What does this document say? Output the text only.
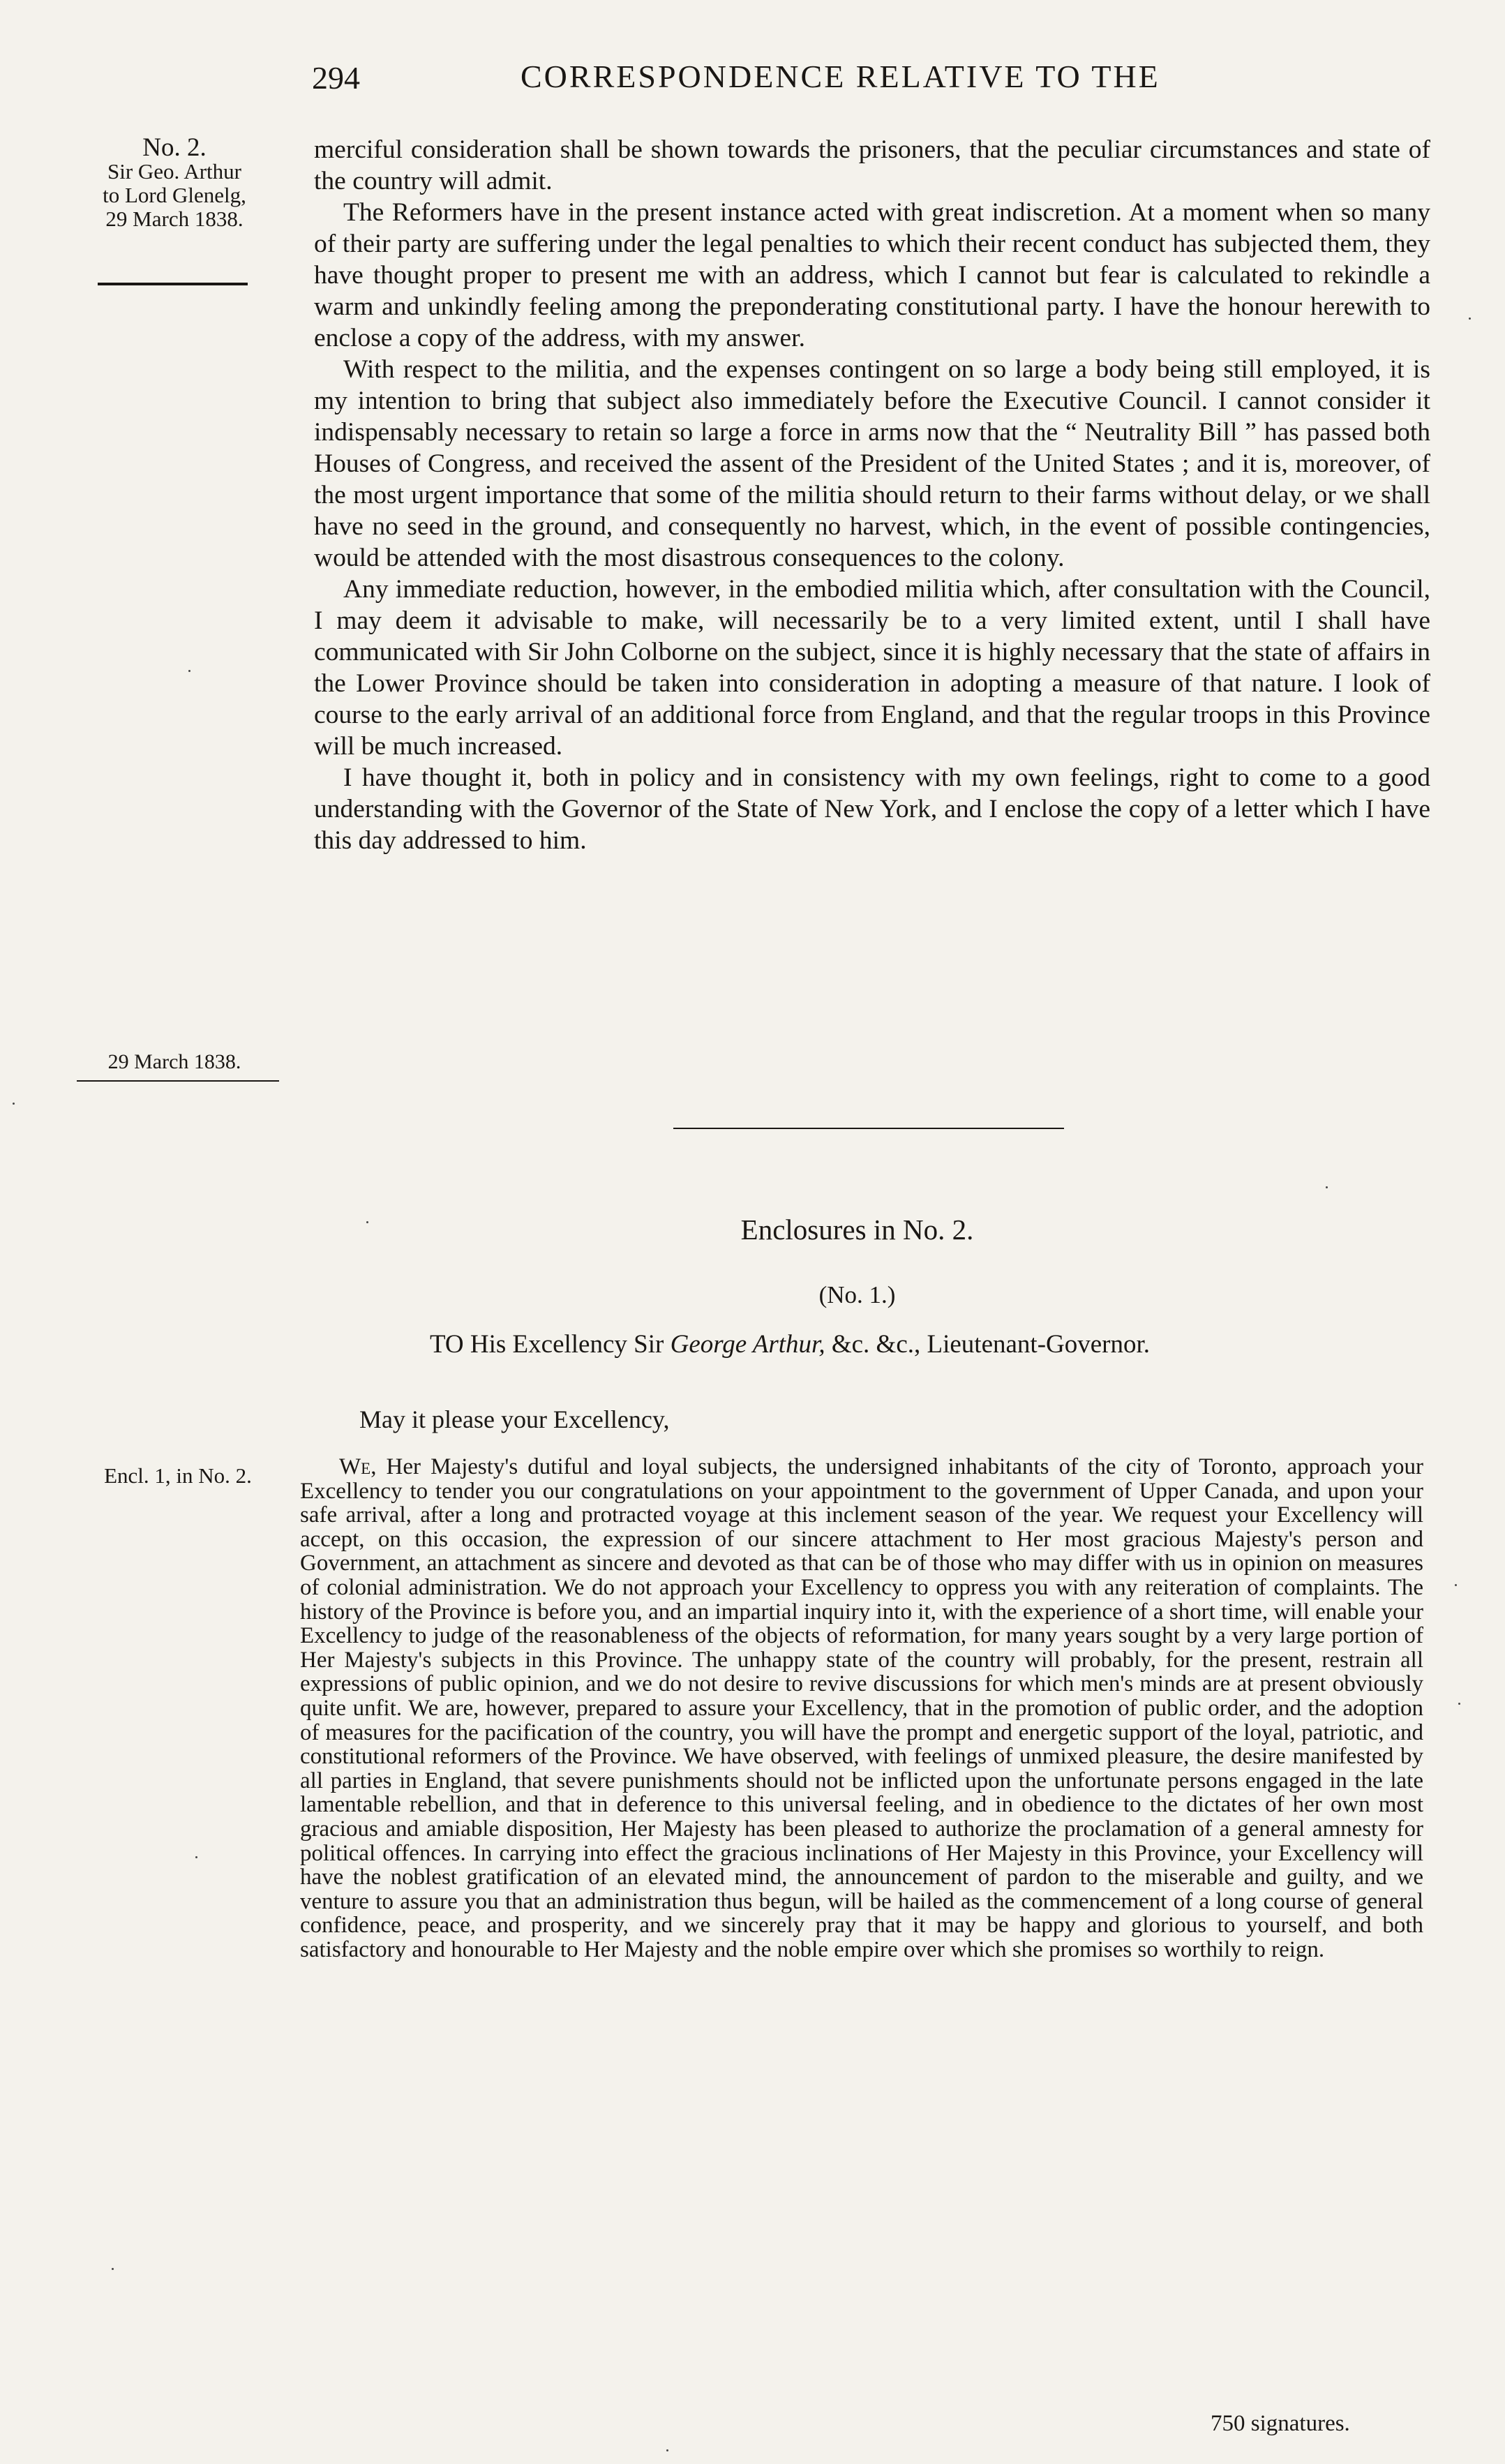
294	CORRESPONDENCE RELATIVE TO THE
No. 2.
Sir Geo. Arthur
to Lord Glenelg,
29 March 1838.
29 March 1838.
Encl. 1, in No. 2.

merciful consideration shall be shown towards the prisoners, that the peculiar circumstances and state of the country will admit.

The Reformers have in the present instance acted with great indiscretion. At a moment when so many of their party are suffering under the legal penalties to which their recent conduct has subjected them, they have thought proper to present me with an address, which I cannot but fear is calculated to rekindle a warm and unkindly feeling among the preponderating constitutional party. I have the honour herewith to enclose a copy of the address, with my answer.

With respect to the militia, and the expenses contingent on so large a body being still employed, it is my intention to bring that subject also immediately before the Executive Council. I cannot consider it indispensably necessary to retain so large a force in arms now that the “ Neutrality Bill ” has passed both Houses of Congress, and received the assent of the President of the United States ; and it is, moreover, of the most urgent importance that some of the militia should return to their farms without delay, or we shall have no seed in the ground, and consequently no harvest, which, in the event of possible contingencies, would be attended with the most disastrous consequences to the colony.

Any immediate reduction, however, in the embodied militia which, after consultation with the Council, I may deem it advisable to make, will necessarily be to a very limited extent, until I shall have communicated with Sir John Colborne on the subject, since it is highly necessary that the state of affairs in the Lower Province should be taken into consideration in adopting a measure of that nature. I look of course to the early arrival of an additional force from England, and that the regular troops in this Province will be much increased.

I have thought it, both in policy and in consistency with my own feelings, right to come to a good understanding with the Governor of the State of New York, and I enclose the copy of a letter which I have this day addressed to him.

Enclosures in No. 2.
(No. 1.)
TO His Excellency Sir George Arthur, &c. &c., Lieutenant-Governor.
May it please your Excellency,
We, Her Majesty's dutiful and loyal subjects, the undersigned inhabitants of the city of Toronto, approach your Excellency to tender you our congratulations on your appointment to the government of Upper Canada, and upon your safe arrival, after a long and protracted voyage at this inclement season of the year. We request your Excellency will accept, on this occasion, the expression of our sincere attachment to Her most gracious Majesty's person and Government, an attachment as sincere and devoted as that can be of those who may differ with us in opinion on measures of colonial administration. We do not approach your Excellency to oppress you with any reiteration of complaints. The history of the Province is before you, and an impartial inquiry into it, with the experience of a short time, will enable your Excellency to judge of the reasonableness of the objects of reformation, for many years sought by a very large portion of Her Majesty's subjects in this Province. The unhappy state of the country will probably, for the present, restrain all expressions of public opinion, and we do not desire to revive discussions for which men's minds are at present obviously quite unfit. We are, however, prepared to assure your Excellency, that in the promotion of public order, and the adoption of measures for the pacification of the country, you will have the prompt and energetic support of the loyal, patriotic, and constitutional reformers of the Province. We have observed, with feelings of unmixed pleasure, the desire manifested by all parties in England, that severe punishments should not be inflicted upon the unfortunate persons engaged in the late lamentable rebellion, and that in deference to this universal feeling, and in obedience to the dictates of her own most gracious and amiable disposition, Her Majesty has been pleased to authorize the proclamation of a general amnesty for political offences. In carrying into effect the gracious inclinations of Her Majesty in this Province, your Excellency will have the noblest gratification of an elevated mind, the announcement of pardon to the miserable and guilty, and we venture to assure you that an administration thus begun, will be hailed as the commencement of a long course of general confidence, peace, and prosperity, and we sincerely pray that it may be happy and glorious to yourself, and both satisfactory and honourable to Her Majesty and the noble empire over which she promises so worthily to reign.
750 signatures.
